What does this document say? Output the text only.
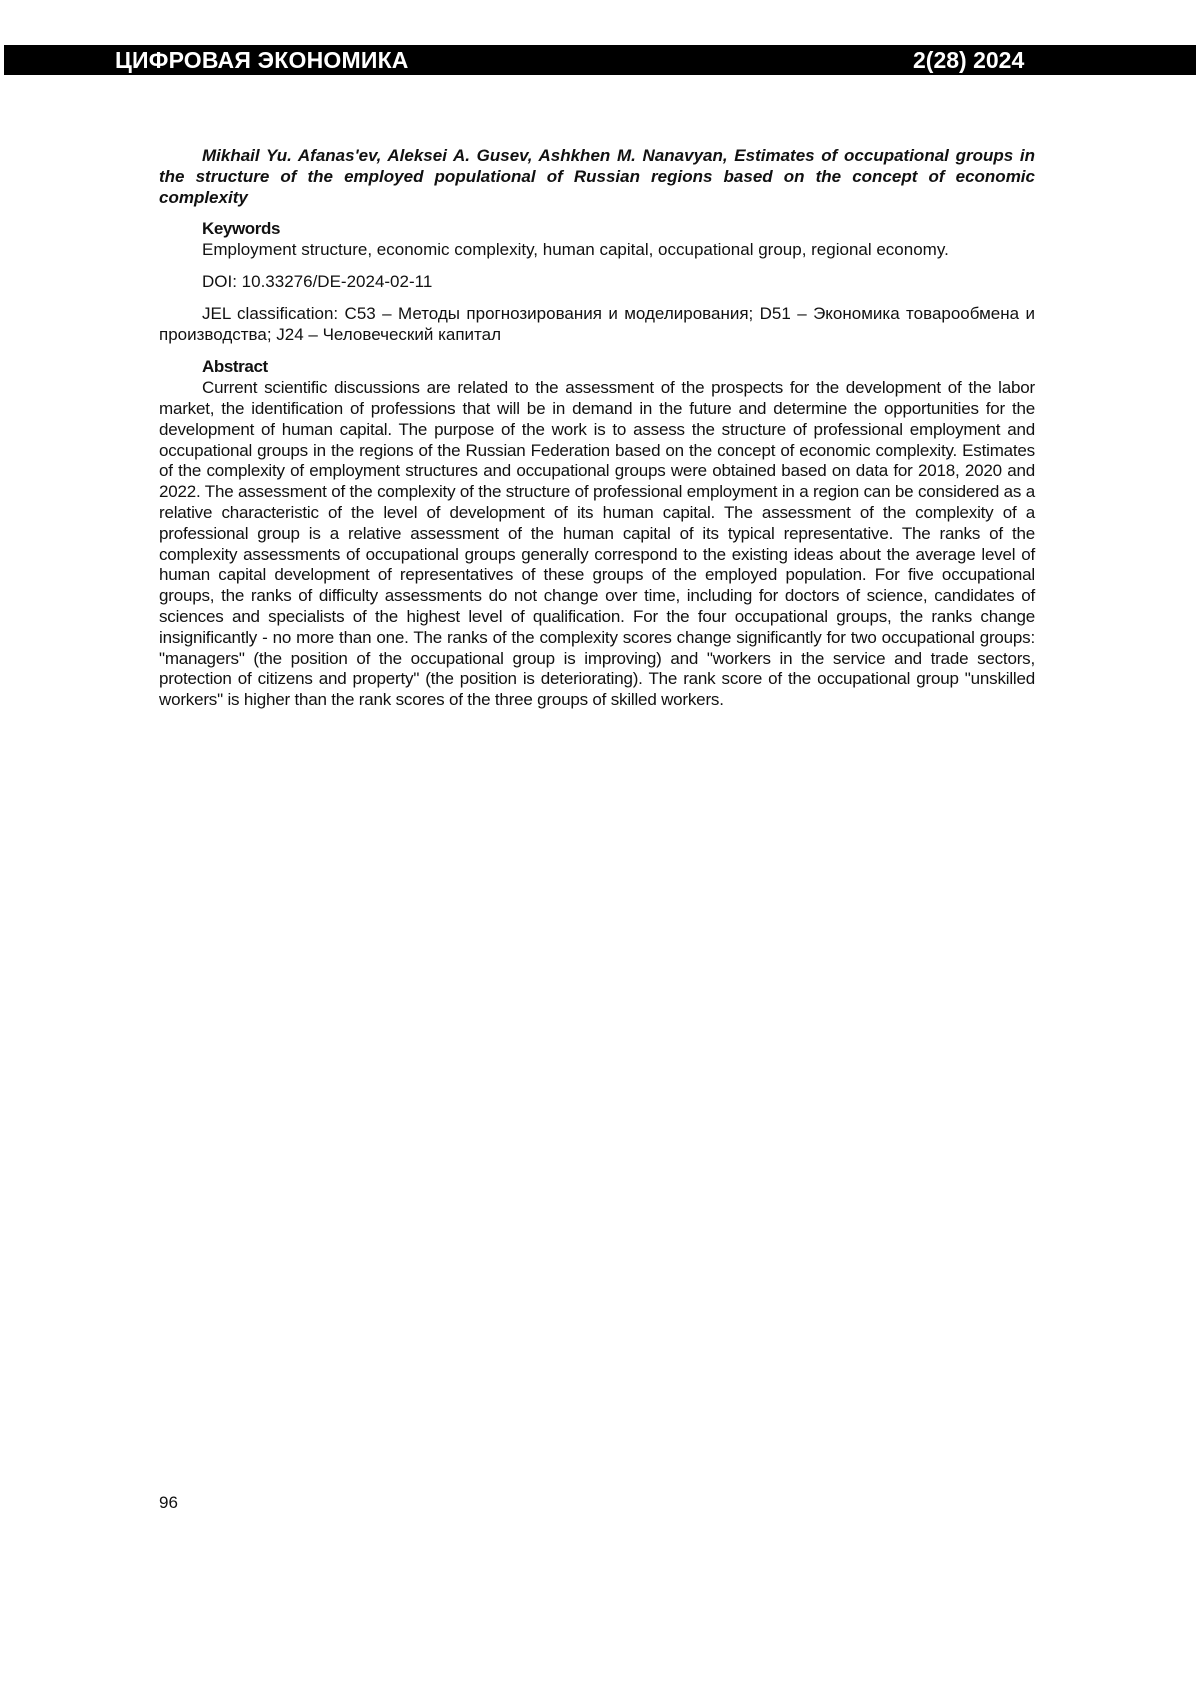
ЦИФРОВАЯ ЭКОНОМИКА	2(28) 2024

Mikhail Yu. Afanas'ev, Aleksei A. Gusev, Ashkhen M. Nanavyan, Estimates of occupational groups in the structure of the employed populational of Russian regions based on the concept of economic complexity

Keywords

Employment structure, economic complexity, human capital, occupational group, regional economy.

DOI: 10.33276/DE-2024-02-11

JEL classification: C53 – Методы прогнозирования и моделирования; D51 – Экономика товарообмена и производства; J24 – Человеческий капитал

Abstract

Current scientific discussions are related to the assessment of the prospects for the development of the labor market, the identification of professions that will be in demand in the future and determine the opportunities for the development of human capital. The purpose of the work is to assess the structure of professional employment and occupational groups in the regions of the Russian Federation based on the concept of economic complexity. Estimates of the complexity of employment structures and occupational groups were obtained based on data for 2018, 2020 and 2022. The assessment of the complexity of the structure of professional employment in a region can be considered as a relative characteristic of the level of development of its human capital. The assessment of the complexity of a professional group is a relative assessment of the human capital of its typical representative. The ranks of the complexity assessments of occupational groups generally correspond to the existing ideas about the average level of human capital development of representatives of these groups of the employed population. For five occupational groups, the ranks of difficulty assessments do not change over time, including for doctors of science, candidates of sciences and specialists of the highest level of qualification. For the four occupational groups, the ranks change insignificantly - no more than one. The ranks of the complexity scores change significantly for two occupational groups: "managers" (the position of the occupational group is improving) and "workers in the service and trade sectors, protection of citizens and property" (the position is deteriorating). The rank score of the occupational group "unskilled workers" is higher than the rank scores of the three groups of skilled workers.

96
